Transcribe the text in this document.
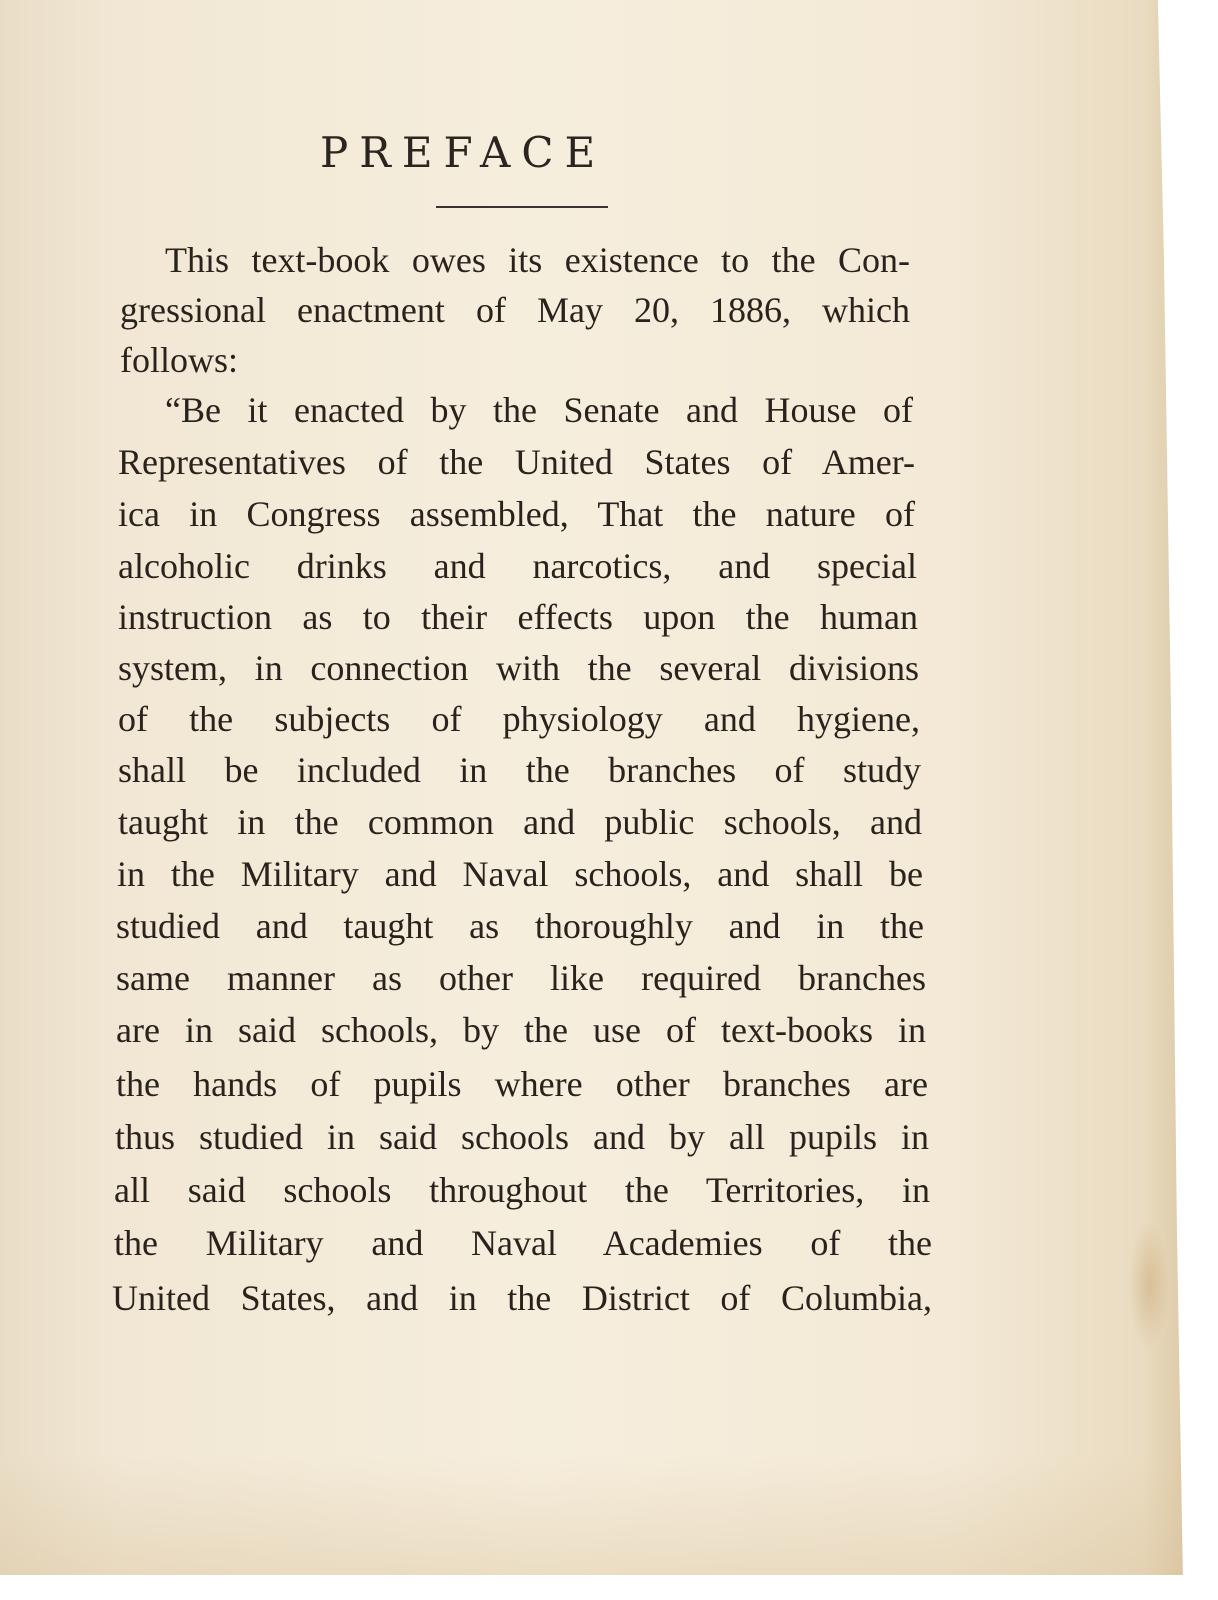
PREFACE

This text-book owes its existence to the Con-

gressional enactment of May 20, 1886, which

follows:

“Be it enacted by the Senate and House of

Representatives of the United States of Amer-

ica in Congress assembled, That the nature of

alcoholic drinks and narcotics, and special

instruction as to their effects upon the human

system, in connection with the several divisions

of the subjects of physiology and hygiene,

shall be included in the branches of study

taught in the common and public schools, and

in the Military and Naval schools, and shall be

studied and taught as thoroughly and in the

same manner as other like required branches

are in said schools, by the use of text-books in

the hands of pupils where other branches are

thus studied in said schools and by all pupils in

all said schools throughout the Territories, in

the Military and Naval Academies of the

United States, and in the District of Columbia,
